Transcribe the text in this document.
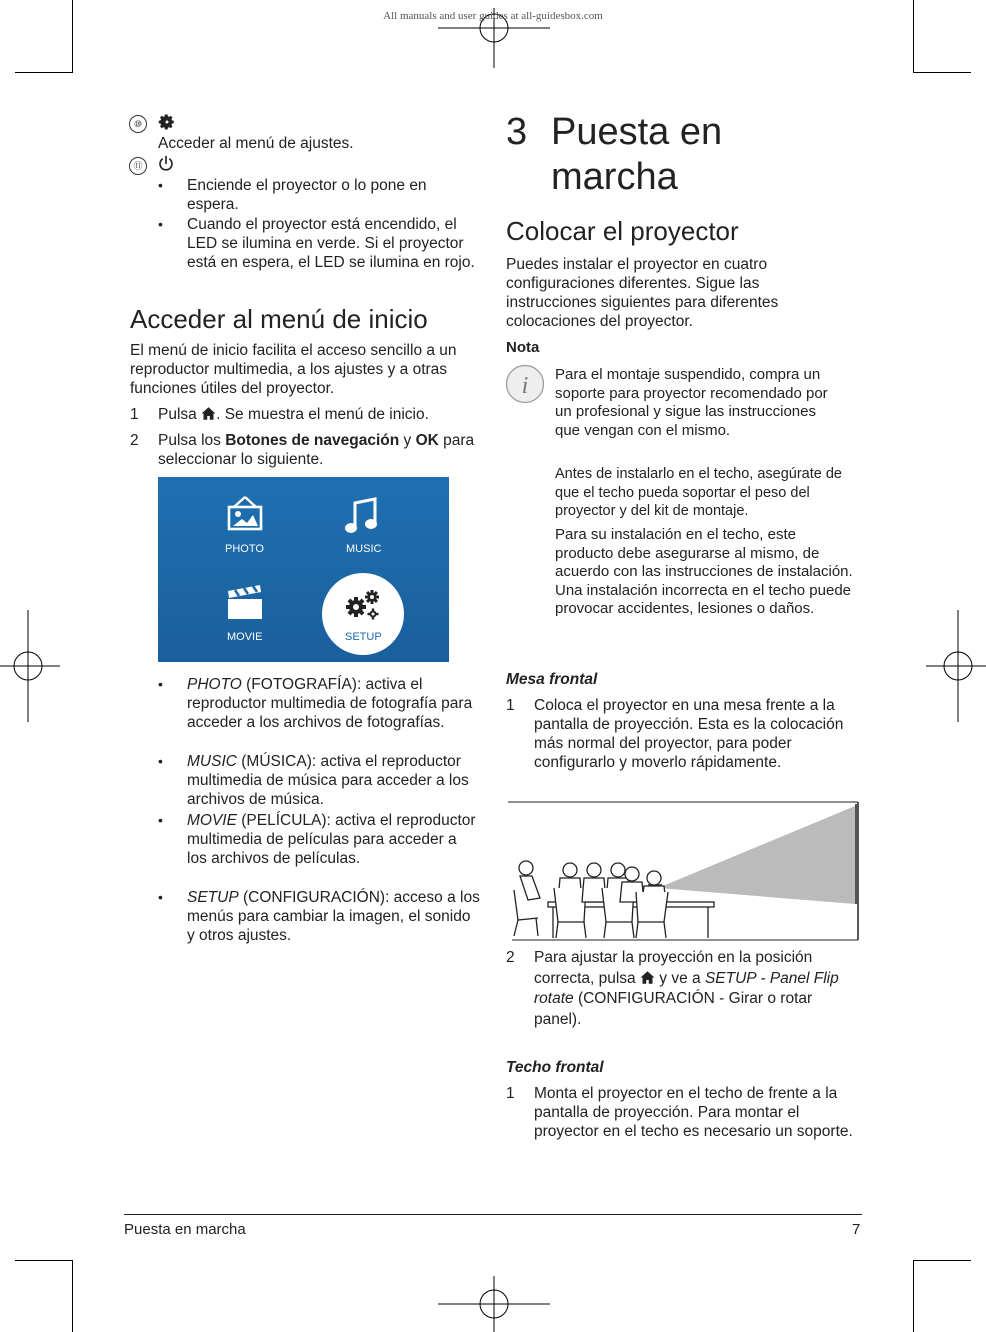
All manuals and user guides at all-guidesbox.com
⑩
Acceder al menú de ajustes.
⑪
• Enciende el proyector o lo pone en espera.
• Cuando el proyector está encendido, el LED se ilumina en verde. Si el proyector está en espera, el LED se ilumina en rojo.
Acceder al menú de inicio
El menú de inicio facilita el acceso sencillo a un reproductor multimedia, a los ajustes y a otras funciones útiles del proyector.
1 Pulsa . Se muestra el menú de inicio.
2 Pulsa los Botones de navegación y OK para seleccionar lo siguiente.
PHOTO	MUSIC
MOVIE	SETUP
• PHOTO (FOTOGRAFÍA): activa el reproductor multimedia de fotografía para acceder a los archivos de fotografías.
• MUSIC (MÚSICA): activa el reproductor multimedia de música para acceder a los archivos de música.
• MOVIE (PELÍCULA): activa el reproductor multimedia de películas para acceder a los archivos de películas.
• SETUP (CONFIGURACIÓN): acceso a los menús para cambiar la imagen, el sonido y otros ajustes.
3 Puesta en
marcha
Colocar el proyector
Puedes instalar el proyector en cuatro configuraciones diferentes. Sigue las instrucciones siguientes para diferentes colocaciones del proyector.
Nota
i Para el montaje suspendido, compra un soporte para proyector recomendado por un profesional y sigue las instrucciones que vengan con el mismo.
Antes de instalarlo en el techo, asegúrate de que el techo pueda soportar el peso del proyector y del kit de montaje.
Para su instalación en el techo, este producto debe asegurarse al mismo, de acuerdo con las instrucciones de instalación. Una instalación incorrecta en el techo puede provocar accidentes, lesiones o daños.
Mesa frontal
1 Coloca el proyector en una mesa frente a la pantalla de proyección. Esta es la colocación más normal del proyector, para poder configurarlo y moverlo rápidamente.
2 Para ajustar la proyección en la posición correcta, pulsa  y ve a SETUP - Panel Flip rotate (CONFIGURACIÓN - Girar o rotar panel).
Techo frontal
1 Monta el proyector en el techo de frente a la pantalla de proyección. Para montar el proyector en el techo es necesario un soporte.
Puesta en marcha	7
